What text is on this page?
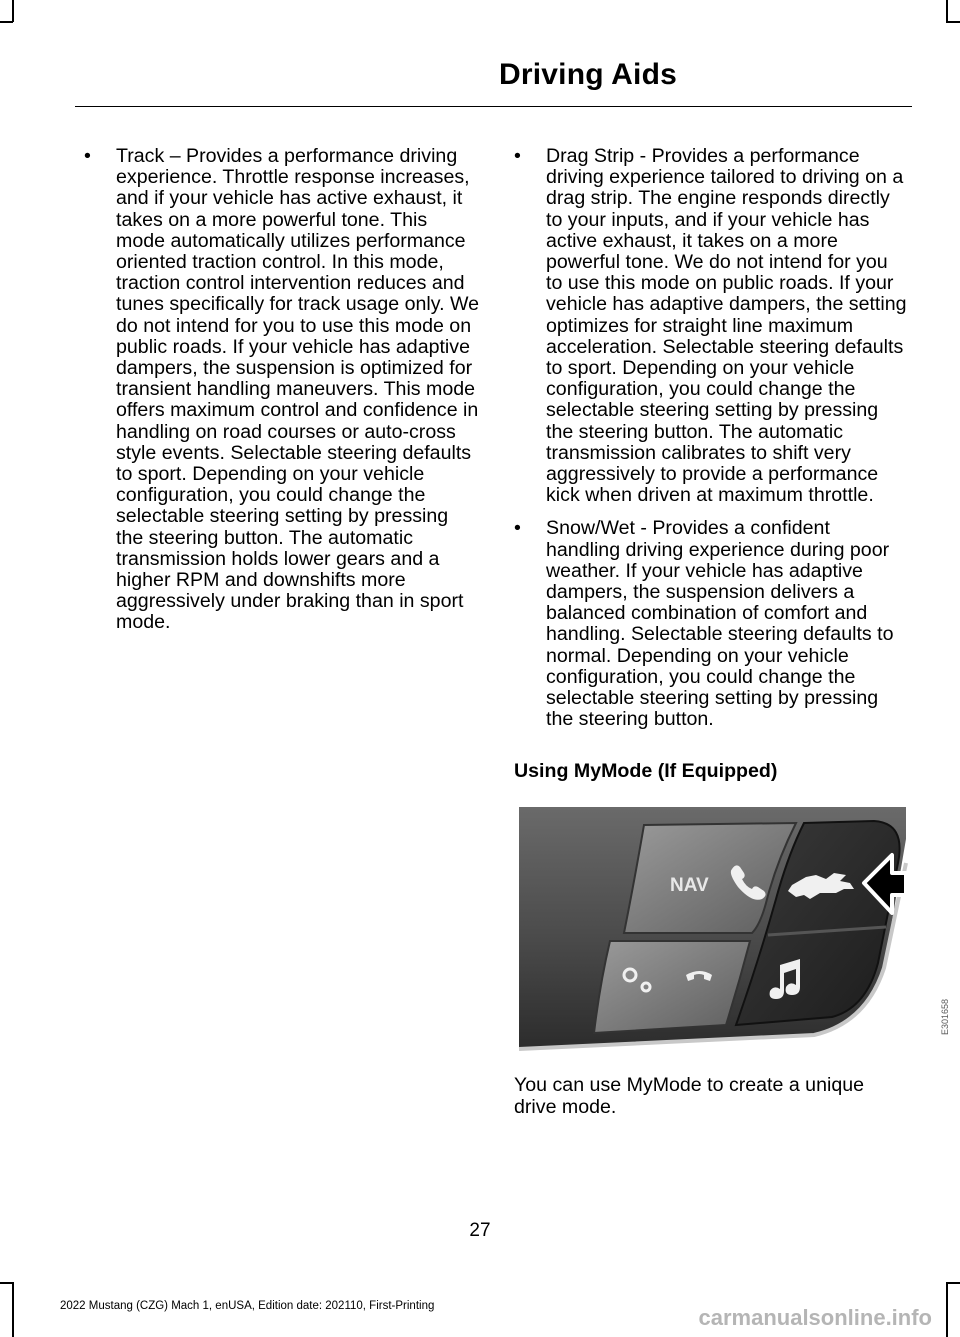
Driving Aids
• Track – Provides a performance driving experience. Throttle response increases, and if your vehicle has active exhaust, it takes on a more powerful tone. This mode automatically utilizes performance oriented traction control. In this mode, traction control intervention reduces and tunes specifically for track usage only. We do not intend for you to use this mode on public roads. If your vehicle has adaptive dampers, the suspension is optimized for transient handling maneuvers. This mode offers maximum control and confidence in handling on road courses or auto-cross style events. Selectable steering defaults to sport. Depending on your vehicle configuration, you could change the selectable steering setting by pressing the steering button. The automatic transmission holds lower gears and a higher RPM and downshifts more aggressively under braking than in sport mode.
• Drag Strip - Provides a performance driving experience tailored to driving on a drag strip. The engine responds directly to your inputs, and if your vehicle has active exhaust, it takes on a more powerful tone. We do not intend for you to use this mode on public roads. If your vehicle has adaptive dampers, the setting optimizes for straight line maximum acceleration. Selectable steering defaults to sport. Depending on your vehicle configuration, you could change the selectable steering setting by pressing the steering button. The automatic transmission calibrates to shift very aggressively to provide a performance kick when driven at maximum throttle.
• Snow/Wet - Provides a confident handling driving experience during poor weather. If your vehicle has adaptive dampers, the suspension delivers a balanced combination of comfort and handling. Selectable steering defaults to normal. Depending on your vehicle configuration, you could change the selectable steering setting by pressing the steering button.
Using MyMode (If Equipped)
NAV
E301658

You can use MyMode to create a unique drive mode.

27
2022 Mustang (CZG) Mach 1, enUSA, Edition date: 202110, First-Printing	carmanualsonline.info
